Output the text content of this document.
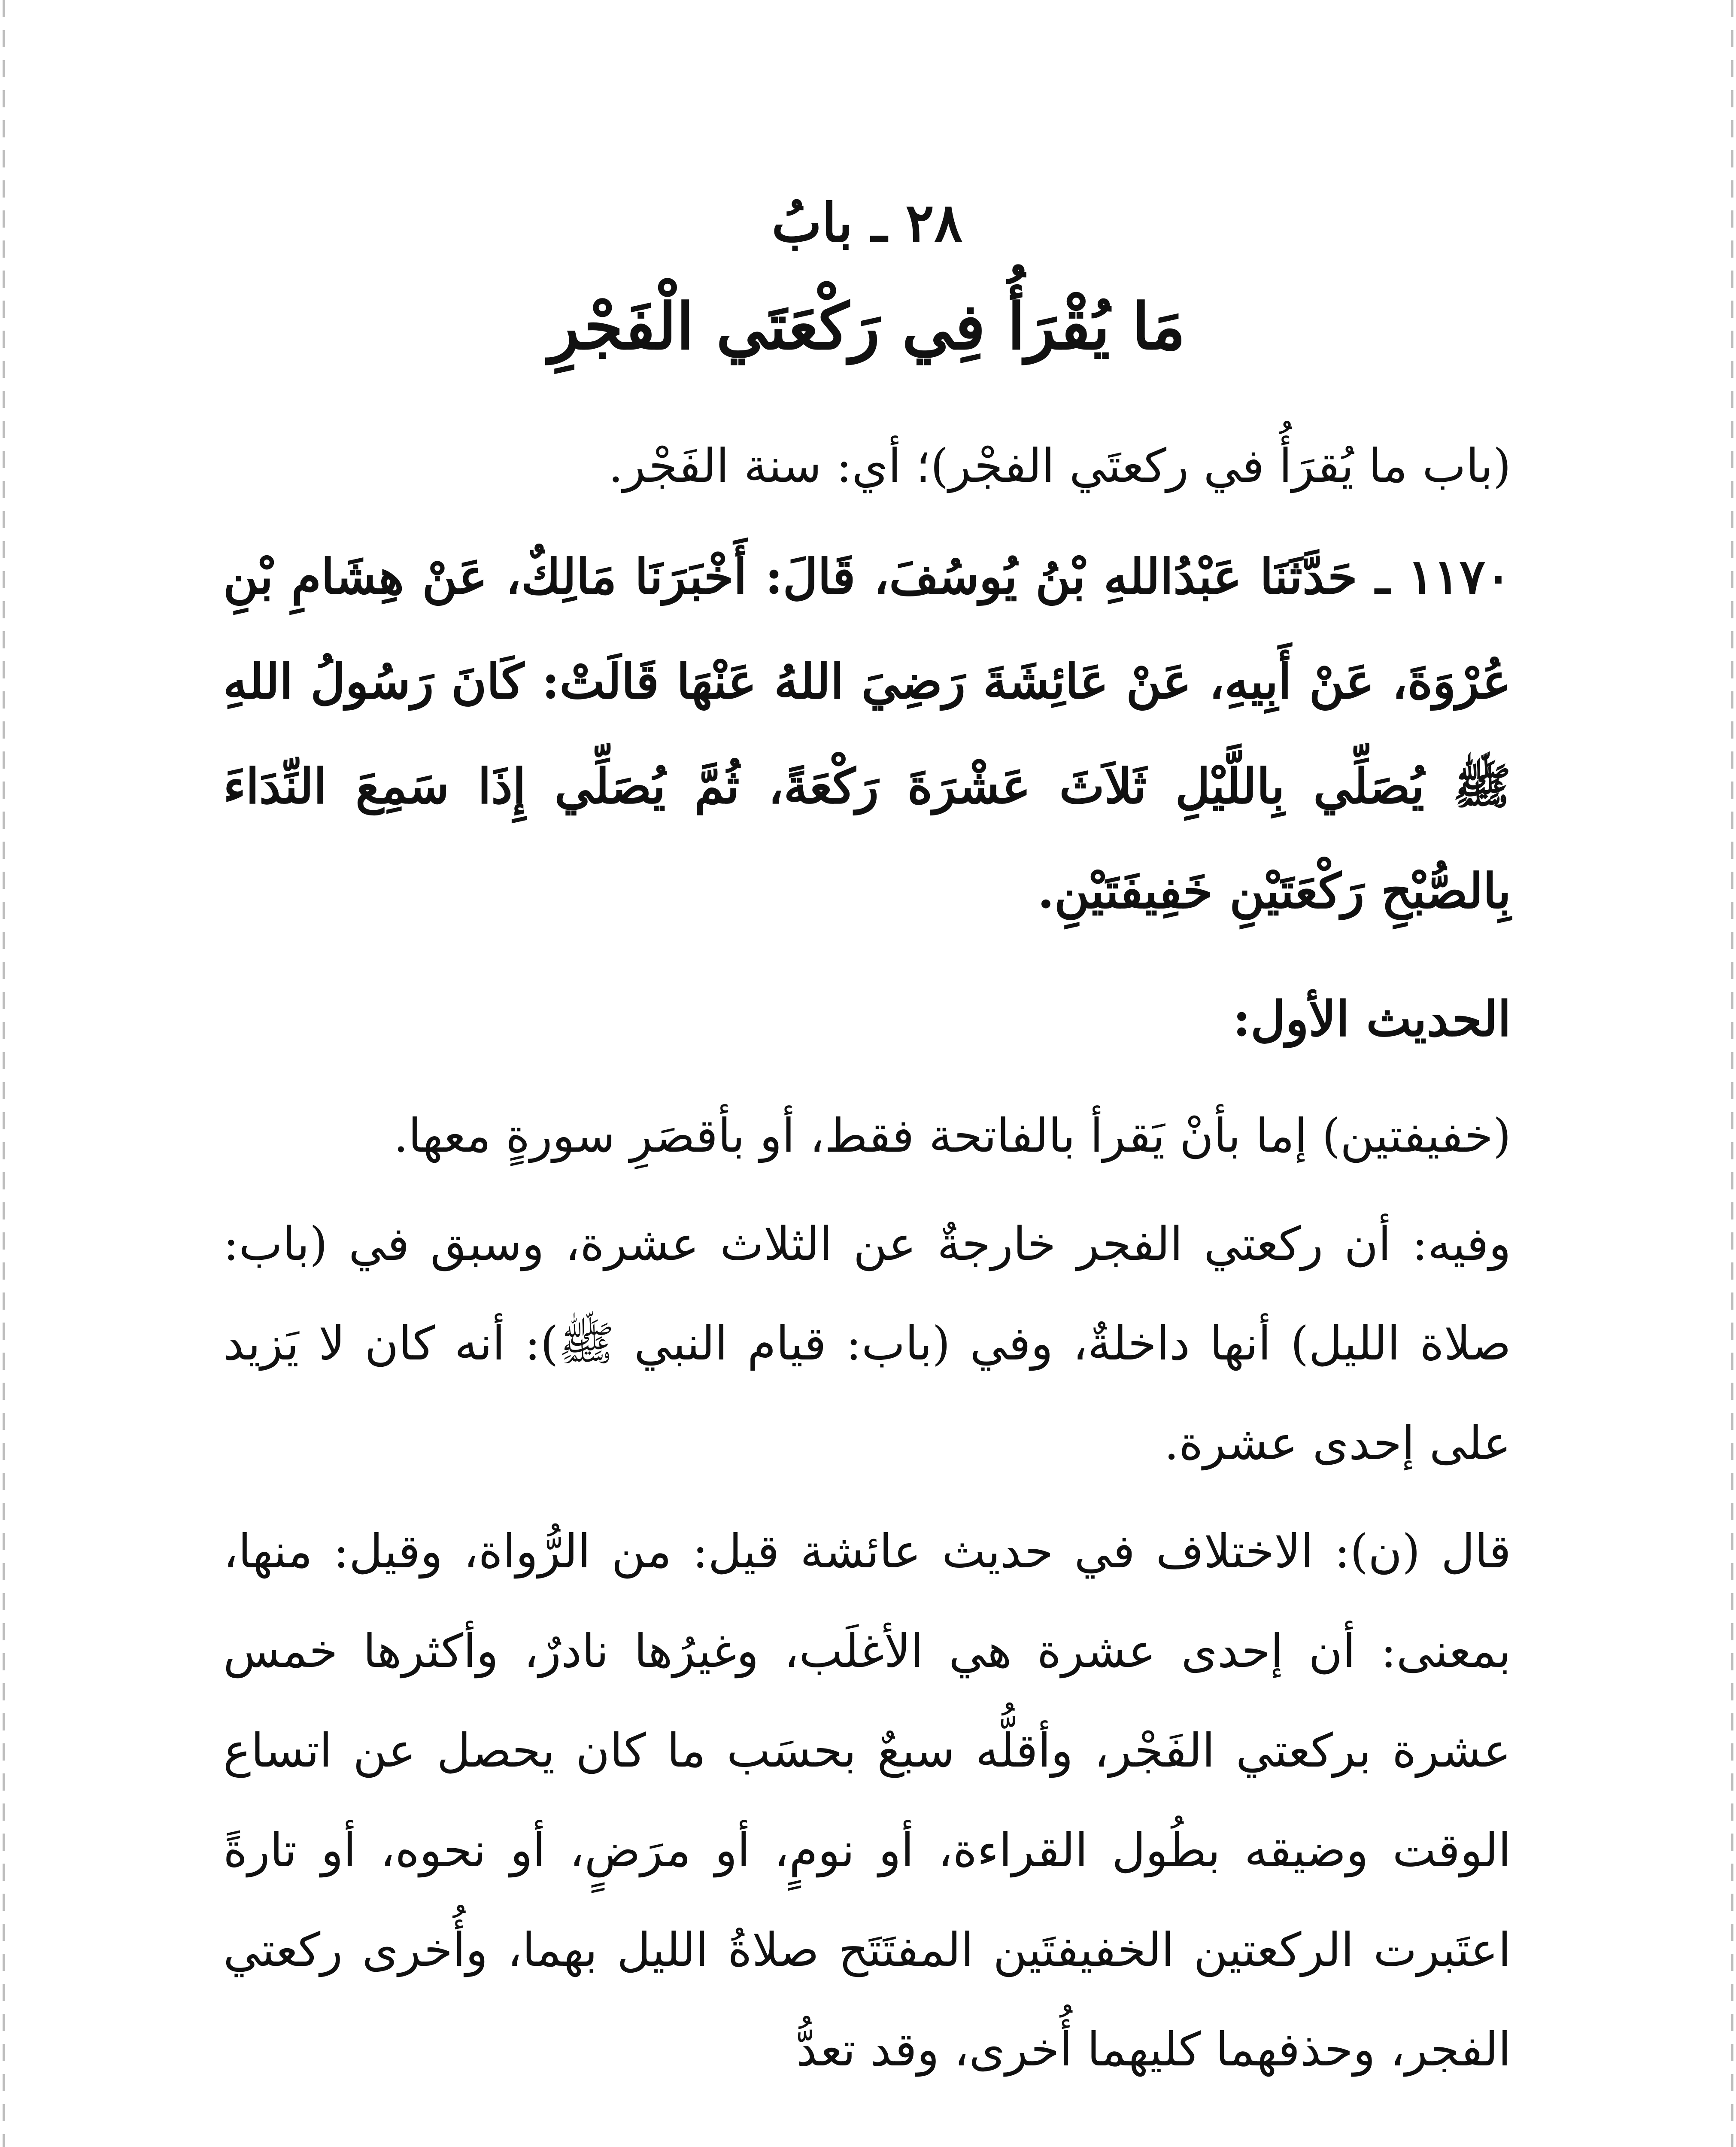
٢٨ ـ بابُ
مَا يُقْرَأُ فِي رَكْعَتَي الْفَجْرِ

(باب ما يُقرَأُ في ركعتَي الفجْر)؛ أي: سنة الفَجْر.

١١٧٠ ـ حَدَّثَنَا عَبْدُاللهِ بْنُ يُوسُفَ، قَالَ: أَخْبَرَنَا مَالِكٌ، عَنْ هِشَامِ بْنِ عُرْوَةَ، عَنْ أَبِيهِ، عَنْ عَائِشَةَ رَضِيَ اللهُ عَنْهَا قَالَتْ: كَانَ رَسُولُ اللهِ ﷺ يُصَلِّي بِاللَّيْلِ ثَلاَثَ عَشْرَةَ رَكْعَةً، ثُمَّ يُصَلِّي إِذَا سَمِعَ النِّدَاءَ بِالصُّبْحِ رَكْعَتَيْنِ خَفِيفَتَيْنِ.

الحديث الأول:

(خفيفتين) إما بأنْ يَقرأ بالفاتحة فقط، أو بأقصَرِ سورةٍ معها.

وفيه: أن ركعتي الفجر خارجةٌ عن الثلاث عشرة، وسبق في (باب: صلاة الليل) أنها داخلةٌ، وفي (باب: قيام النبي ﷺ): أنه كان لا يَزيد على إحدى عشرة.

قال (ن): الاختلاف في حديث عائشة قيل: من الرُّواة، وقيل: منها، بمعنى: أن إحدى عشرة هي الأغلَب، وغيرُها نادرٌ، وأكثرها خمس عشرة بركعتي الفَجْر، وأقلُّه سبعٌ بحسَب ما كان يحصل عن اتساع الوقت وضيقه بطُول القراءة، أو نومٍ، أو مرَضٍ، أو نحوه، أو تارةً اعتَبرت الركعتين الخفيفتَين المفتَتَح صلاةُ الليل بهما، وأُخرى ركعتي الفجر، وحذفهما كليهما أُخرى، وقد تعدُّ
